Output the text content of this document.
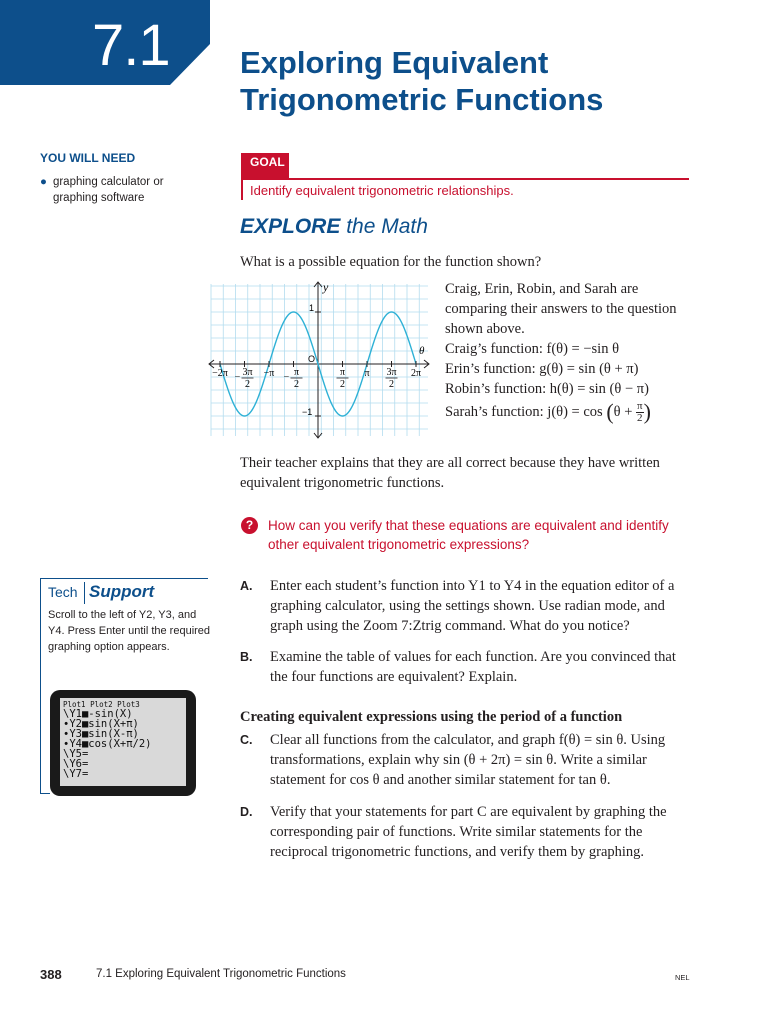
7.1 Exploring Equivalent
Trigonometric Functions
YOU WILL NEED
● graphing calculator or graphing software
GOAL
Identify equivalent trigonometric relationships.
EXPLORE the Math
What is a possible equation for the function shown?
y
θ
1
−1
O
−2π − 3π
2
−π − π
2
π
2
π 3π
2
2π
Craig, Erin, Robin, and Sarah are
comparing their answers to the question
shown above.
Craig’s function: f(θ) = −sin θ
Erin’s function: g(θ) = sin (θ + π)
Robin’s function: h(θ) = sin (θ − π)
Sarah’s function: $j(\theta) = \cos (\theta + \frac{\pi}{2}$ )
Their teacher explains that they are all correct because they have written equivalent trigonometric functions.
?	How can you verify that these equations are equivalent and identify other equivalent trigonometric expressions?
Tech Support
Scroll to the left of Y2, Y3, and Y4. Press Enter until the required graphing option appears.
Plot1 Plot2 Plot3
\Y1■-sin(X)
∙Y2■sin(X+π)
∙Y3■sin(X-π)
∙Y4■cos(X+π/2)
\Y5=
\Y6=
\Y7=
A. Enter each student’s function into Y1 to Y4 in the equation editor of a graphing calculator, using the settings shown. Use radian mode, and graph using the Zoom 7:Ztrig command. What do you notice?
B. Examine the table of values for each function. Are you convinced that the four functions are equivalent? Explain.
Creating equivalent expressions using the period of a function
C. Clear all functions from the calculator, and graph f(θ) = sin θ. Using transformations, explain why sin (θ + 2π) = sin θ. Write a similar statement for cos θ and another similar statement for tan θ.
D. Verify that your statements for part C are equivalent by graphing the corresponding pair of functions. Write similar statements for the reciprocal trigonometric functions, and verify them by graphing.
388	7.1 Exploring Equivalent Trigonometric Functions	NEL
